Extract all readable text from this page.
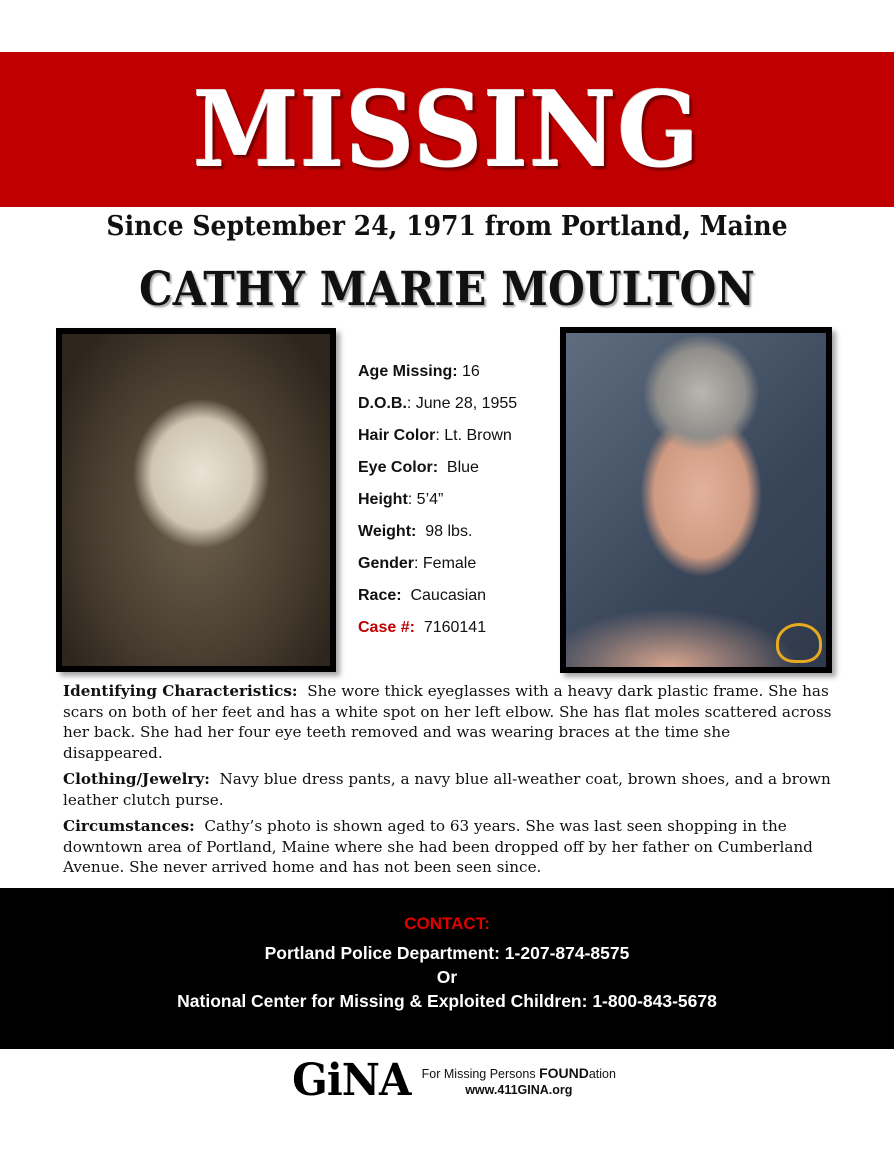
MISSING
Since September 24, 1971 from Portland, Maine
CATHY MARIE MOULTON
Age Missing: 16
D.O.B.: June 28, 1955
Hair Color: Lt. Brown
Eye Color: Blue
Height: 5’4”
Weight: 98 lbs.
Gender: Female
Race: Caucasian
Case #: 7160141

Identifying Characteristics: She wore thick eyeglasses with a heavy dark plastic frame. She has scars on both of her feet and has a white spot on her left elbow. She has flat moles scattered across her back. She had her four eye teeth removed and was wearing braces at the time she disappeared.

Clothing/Jewelry: Navy blue dress pants, a navy blue all-weather coat, brown shoes, and a brown leather clutch purse.

Circumstances: Cathy’s photo is shown aged to 63 years. She was last seen shopping in the downtown area of Portland, Maine where she had been dropped off by her father on Cumberland Avenue. She never arrived home and has not been seen since.

CONTACT:
Portland Police Department: 1-207-874-8575
Or
National Center for Missing & Exploited Children: 1-800-843-5678
GiNA For Missing Persons FOUNDation
www.411GINA.org
